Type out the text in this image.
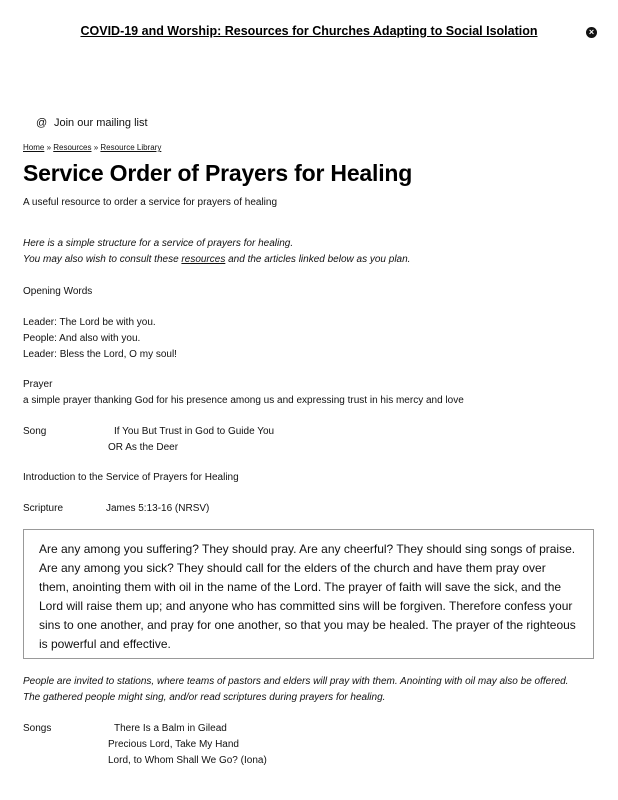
COVID-19 and Worship: Resources for Churches Adapting to Social Isolation	×
@ Join our mailing list
Home » Resources » Resource Library
Service Order of Prayers for Healing
A useful resource to order a service for prayers of healing
Here is a simple structure for a service of prayers for healing.
You may also wish to consult these resources and the articles linked below as you plan.
Opening Words
Leader: The Lord be with you.
People: And also with you.
Leader: Bless the Lord, O my soul!
Prayer
a simple prayer thanking God for his presence among us and expressing trust in his mercy and love
Song	If You But Trust in God to Guide You
OR As the Deer
Introduction to the Service of Prayers for Healing
Scripture	James 5:13-16 (NRSV)
Are any among you suffering? They should pray. Are any cheerful? They should sing songs of praise. Are any among you sick? They should call for the elders of the church and have them pray over them, anointing them with oil in the name of the Lord. The prayer of faith will save the sick, and the Lord will raise them up; and anyone who has committed sins will be forgiven. Therefore confess your sins to one another, and pray for one another, so that you may be healed. The prayer of the righteous is powerful and effective.
People are invited to stations, where teams of pastors and elders will pray with them. Anointing with oil may also be offered. The gathered people might sing, and/or read scriptures during prayers for healing.
Songs	There Is a Balm in Gilead
Precious Lord, Take My Hand
Lord, to Whom Shall We Go? (Iona)
